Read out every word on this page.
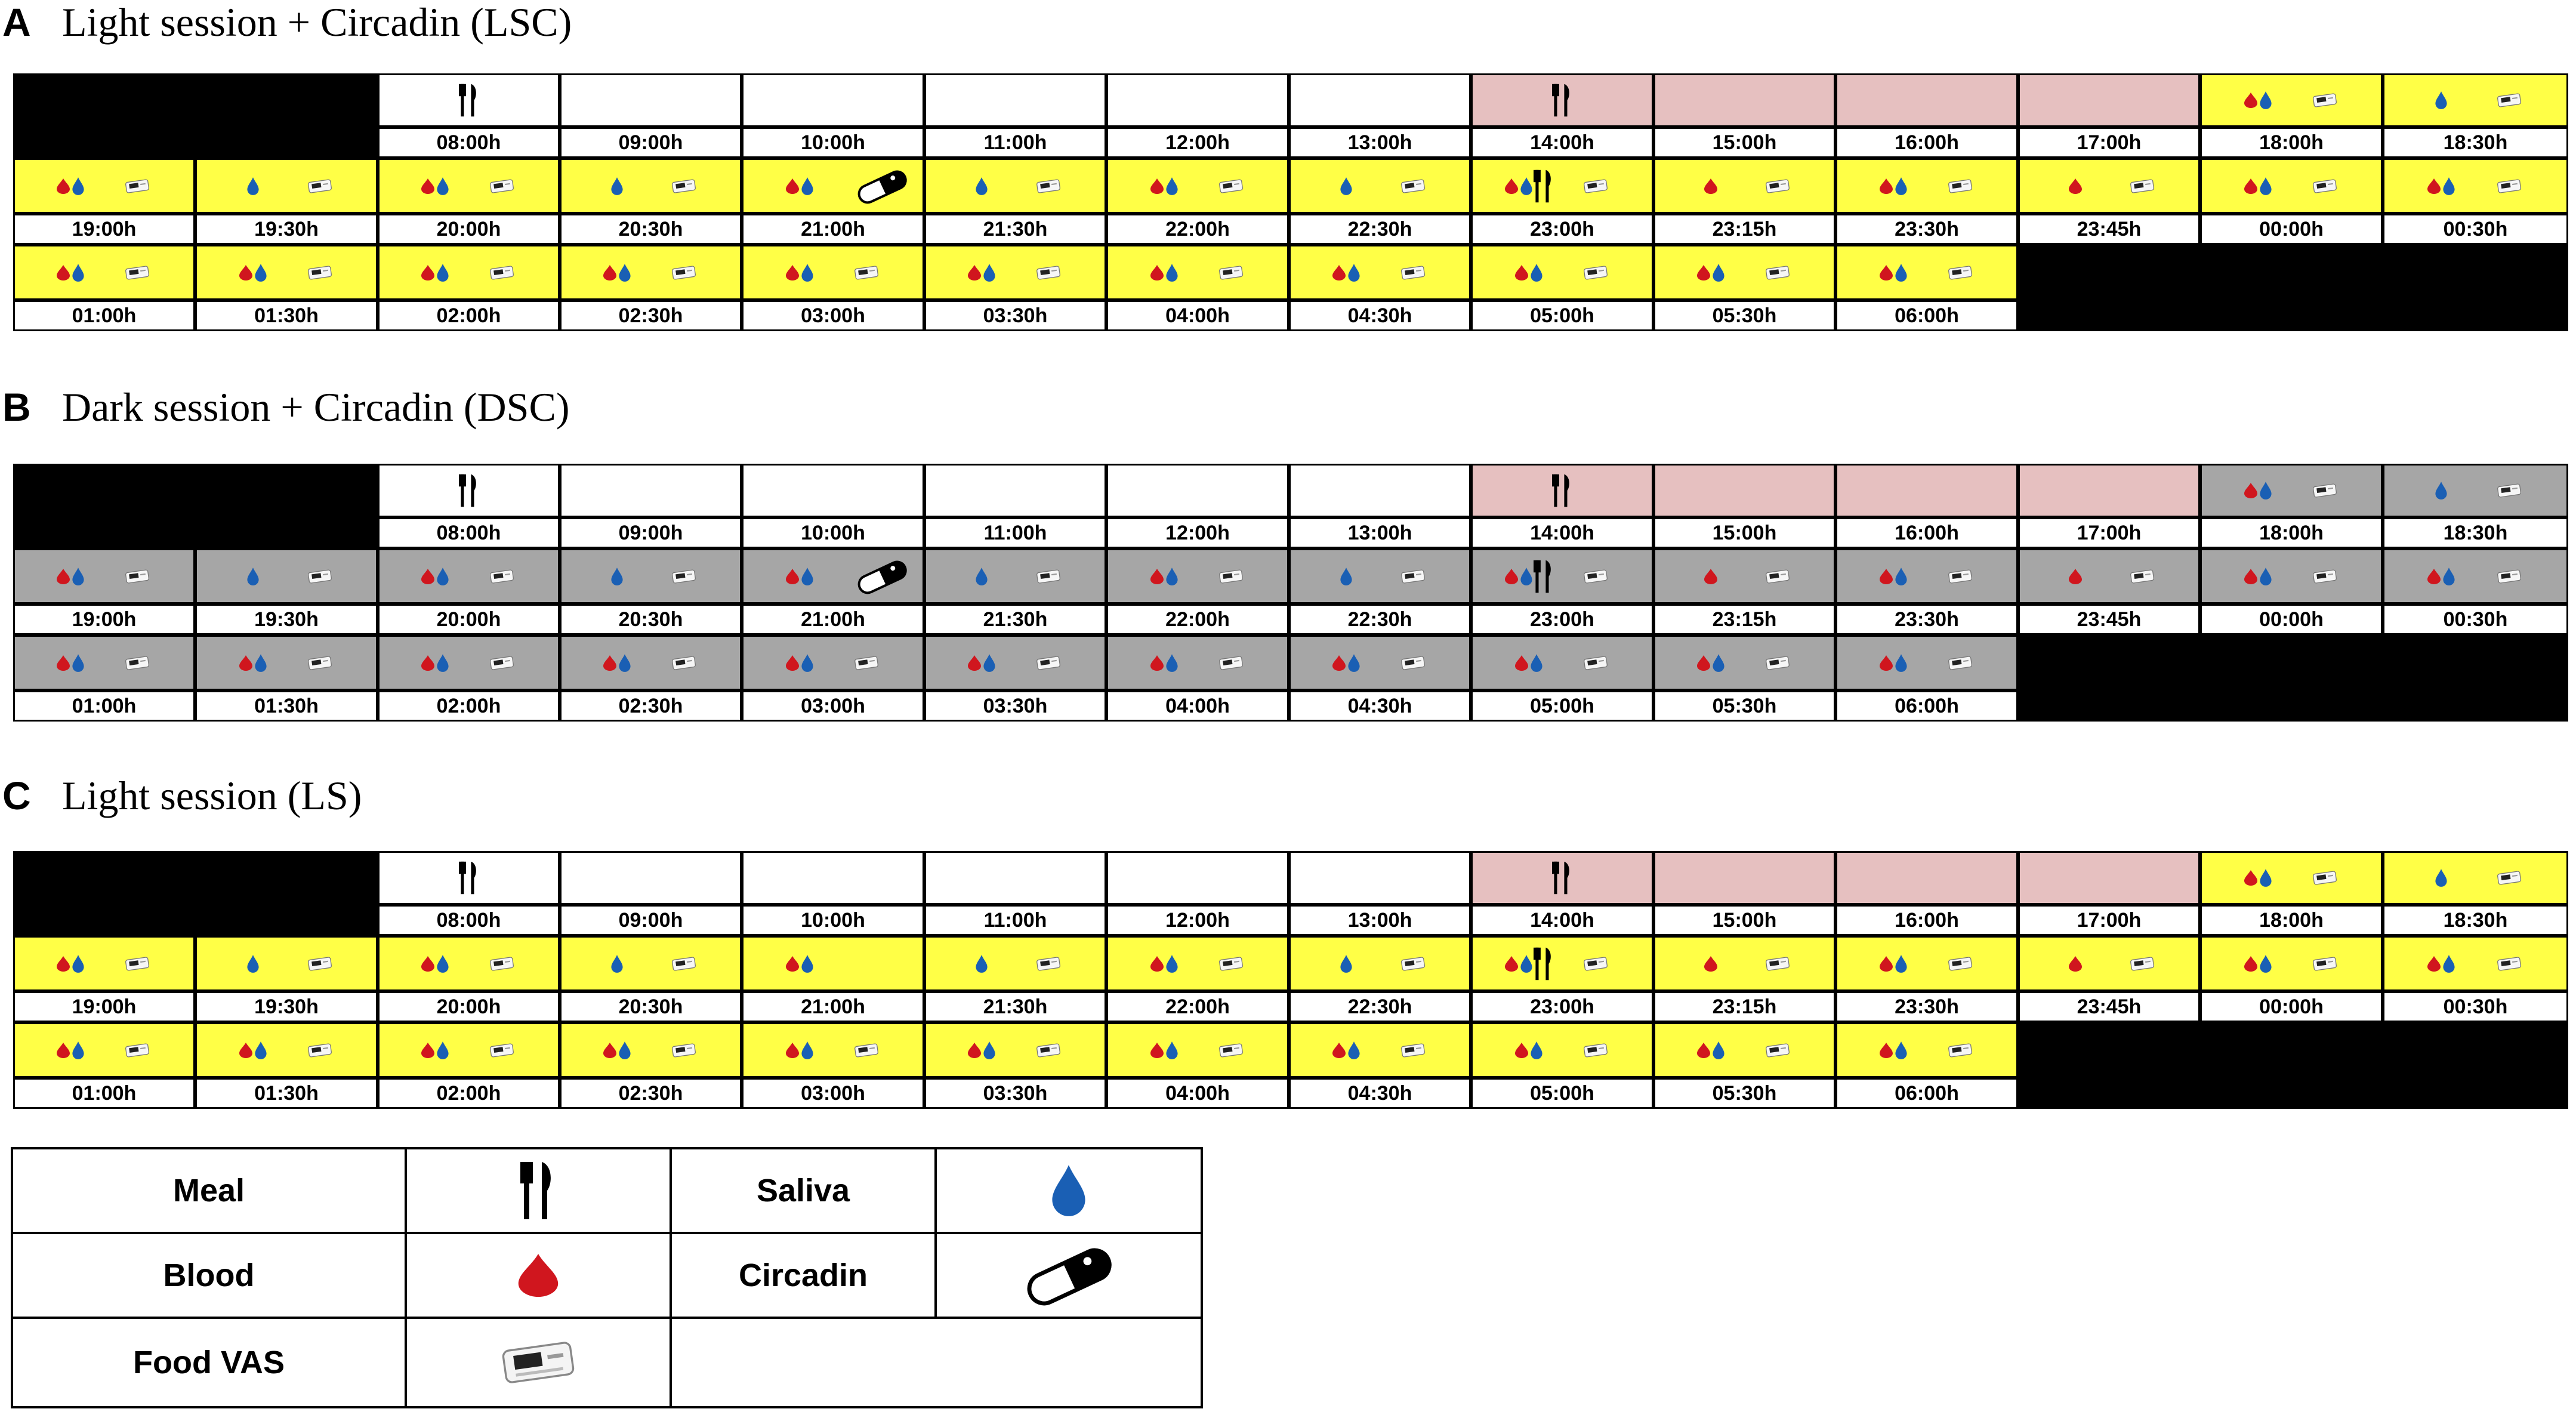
A Light session + Circadin (LSC)
08:00h	09:00h	10:00h	11:00h	12:00h	13:00h	14:00h	15:00h	16:00h	17:00h	18:00h	18:30h
19:00h	19:30h	20:00h	20:30h	21:00h	21:30h	22:00h	22:30h	23:00h	23:15h	23:30h	23:45h	00:00h	00:30h
01:00h	01:30h	02:00h	02:30h	03:00h	03:30h	04:00h	04:30h	05:00h	05:30h	06:00h
B Dark session + Circadin (DSC)
08:00h	09:00h	10:00h	11:00h	12:00h	13:00h	14:00h	15:00h	16:00h	17:00h	18:00h	18:30h
19:00h	19:30h	20:00h	20:30h	21:00h	21:30h	22:00h	22:30h	23:00h	23:15h	23:30h	23:45h	00:00h	00:30h
01:00h	01:30h	02:00h	02:30h	03:00h	03:30h	04:00h	04:30h	05:00h	05:30h	06:00h
C Light session (LS)
08:00h	09:00h	10:00h	11:00h	12:00h	13:00h	14:00h	15:00h	16:00h	17:00h	18:00h	18:30h
19:00h	19:30h	20:00h	20:30h	21:00h	21:30h	22:00h	22:30h	23:00h	23:15h	23:30h	23:45h	00:00h	00:30h
01:00h	01:30h	02:00h	02:30h	03:00h	03:30h	04:00h	04:30h	05:00h	05:30h	06:00h
Meal	Saliva
Blood	Circadin
Food VAS
